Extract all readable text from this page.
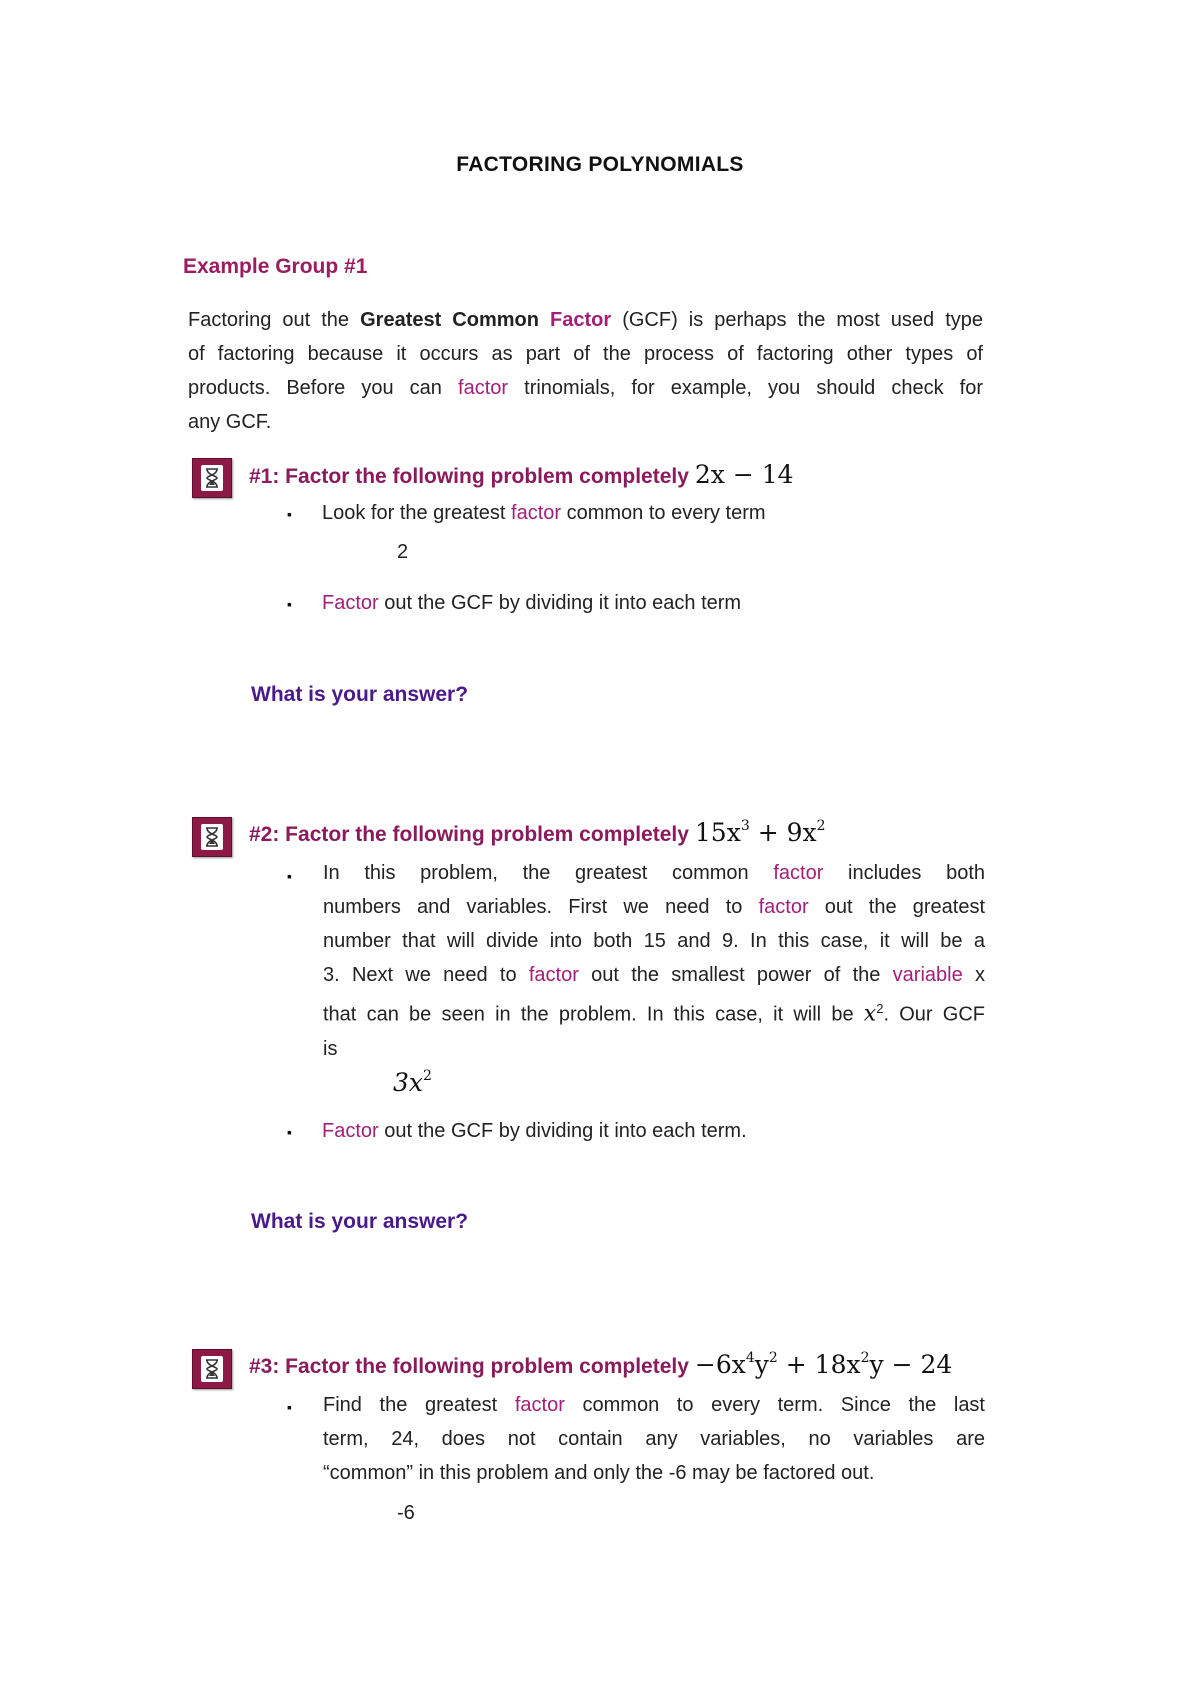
FACTORING POLYNOMIALS
Example Group #1
Factoring out the Greatest Common Factor (GCF) is perhaps the most used type
of factoring because it occurs as part of the process of factoring other types of
products. Before you can factor trinomials, for example, you should check for
any GCF.
#1: Factor the following problem completely 2x − 14
▪ Look for the greatest factor common to every term
2
▪ Factor out the GCF by dividing it into each term
What is your answer?
#2: Factor the following problem completely $15x^3 + 9x^2$
▪ In this problem, the greatest common factor includes both
numbers and variables. First we need to factor out the greatest
number that will divide into both 15 and 9. In this case, it will be a
3. Next we need to factor out the smallest power of the variable x
that can be seen in the problem. In this case, it will be $x^2$. Our GCF
is
$3x^2$
▪ Factor out the GCF by dividing it into each term.
What is your answer?
#3: Factor the following problem completely $-6x^4y^2 + 18x^2y - 24$
▪ Find the greatest factor common to every term. Since the last
term, 24, does not contain any variables, no variables are
“common” in this problem and only the -6 may be factored out.
-6
